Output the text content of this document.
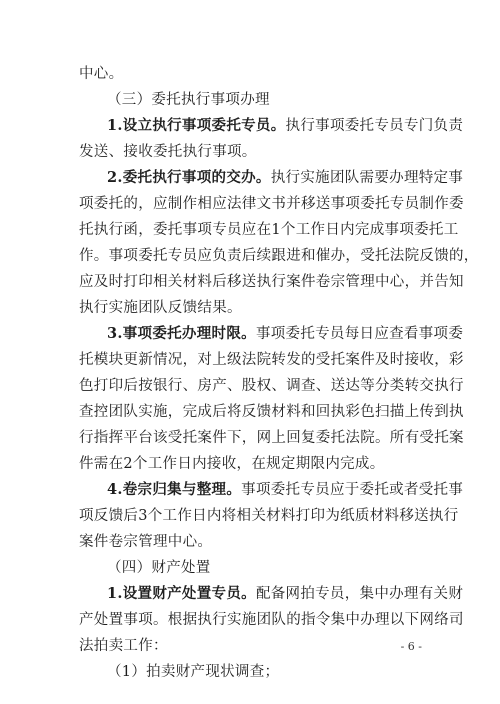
中心。
（三）委托执行事项办理
1.设立执行事项委托专员。执行事项委托专员专门负责
发送、接收委托执行事项。
2.委托执行事项的交办。执行实施团队需要办理特定事
项委托的，应制作相应法律文书并移送事项委托专员制作委
托执行函，委托事项专员应在1个工作日内完成事项委托工
作。事项委托专员应负责后续跟进和催办，受托法院反馈的，
应及时打印相关材料后移送执行案件卷宗管理中心，并告知
执行实施团队反馈结果。
3.事项委托办理时限。事项委托专员每日应查看事项委
托模块更新情况，对上级法院转发的受托案件及时接收，彩
色打印后按银行、房产、股权、调查、送达等分类转交执行
查控团队实施，完成后将反馈材料和回执彩色扫描上传到执
行指挥平台该受托案件下，网上回复委托法院。所有受托案
件需在2个工作日内接收，在规定期限内完成。
4.卷宗归集与整理。事项委托专员应于委托或者受托事
项反馈后3个工作日内将相关材料打印为纸质材料移送执行
案件卷宗管理中心。
（四）财产处置
1.设置财产处置专员。配备网拍专员，集中办理有关财
- 6 -
产处置事项。根据执行实施团队的指令集中办理以下网络司
法拍卖工作：
（1）拍卖财产现状调查；
